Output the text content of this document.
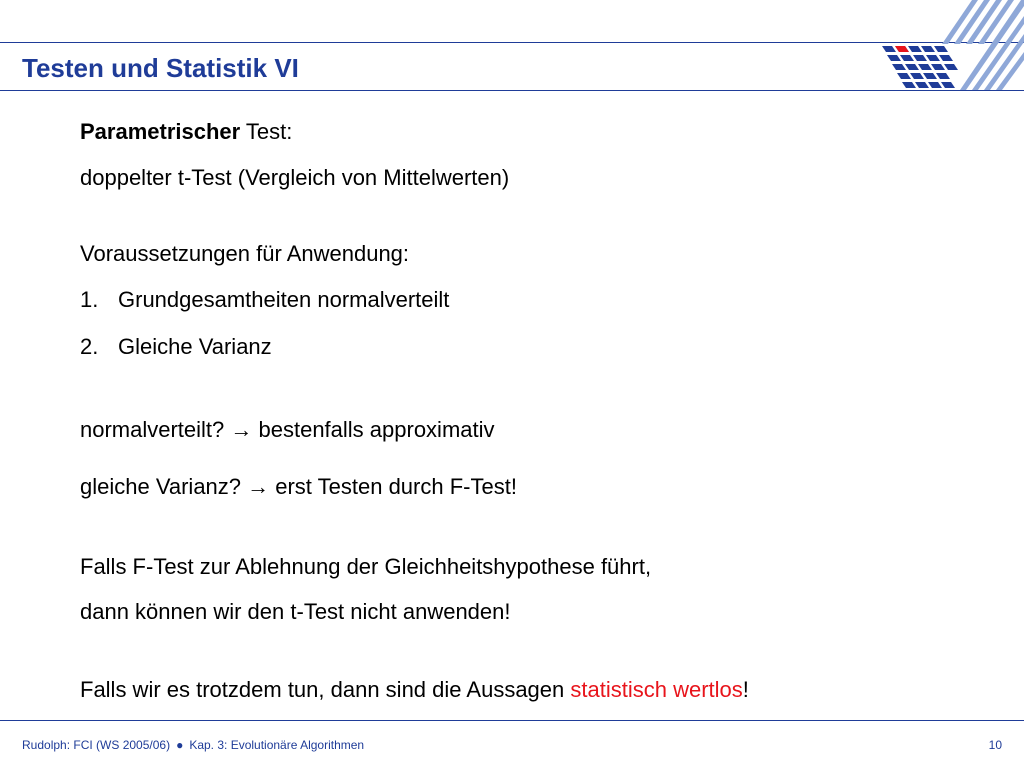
Testen und Statistik VI

Parametrischer Test:

doppelter t-Test (Vergleich von Mittelwerten)

Voraussetzungen für Anwendung:

1. Grundgesamtheiten normalverteilt

2. Gleiche Varianz

normalverteilt? → bestenfalls approximativ

gleiche Varianz? → erst Testen durch F-Test!

Falls F-Test zur Ablehnung der Gleichheitshypothese führt,

dann können wir den t-Test nicht anwenden!

Falls wir es trotzdem tun, dann sind die Aussagen statistisch wertlos!

Rudolph: FCI (WS 2005/06) ● Kap. 3: Evolutionäre Algorithmen	10
